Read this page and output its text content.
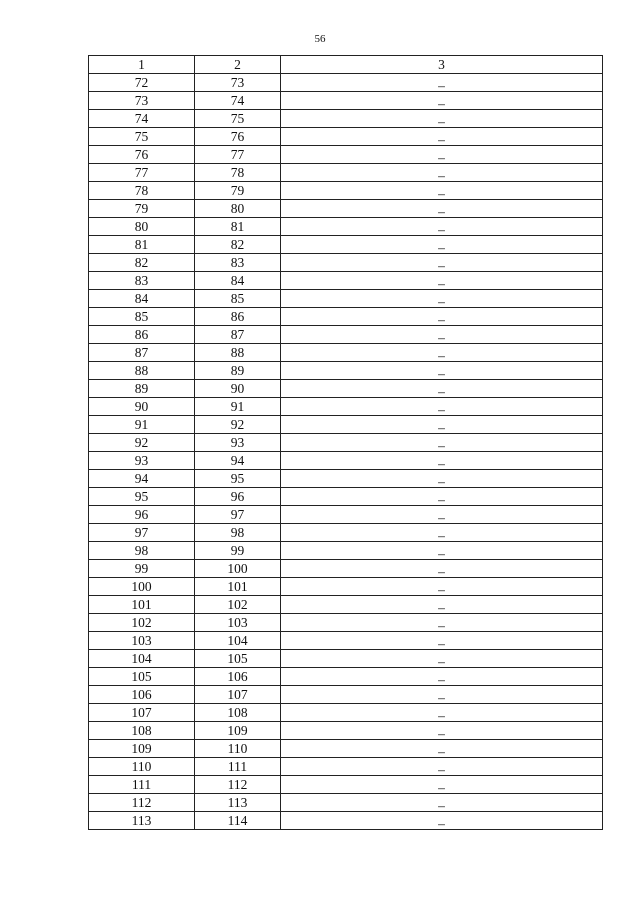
56
1	2	3
72	73	–
73	74	–
74	75	–
75	76	–
76	77	–
77	78	–
78	79	–
79	80	–
80	81	–
81	82	–
82	83	–
83	84	–
84	85	–
85	86	–
86	87	–
87	88	–
88	89	–
89	90	–
90	91	–
91	92	–
92	93	–
93	94	–
94	95	–
95	96	–
96	97	–
97	98	–
98	99	–
99	100	–
100	101	–
101	102	–
102	103	–
103	104	–
104	105	–
105	106	–
106	107	–
107	108	–
108	109	–
109	110	–
110	111	–
111	112	–
112	113	–
113	114	–
